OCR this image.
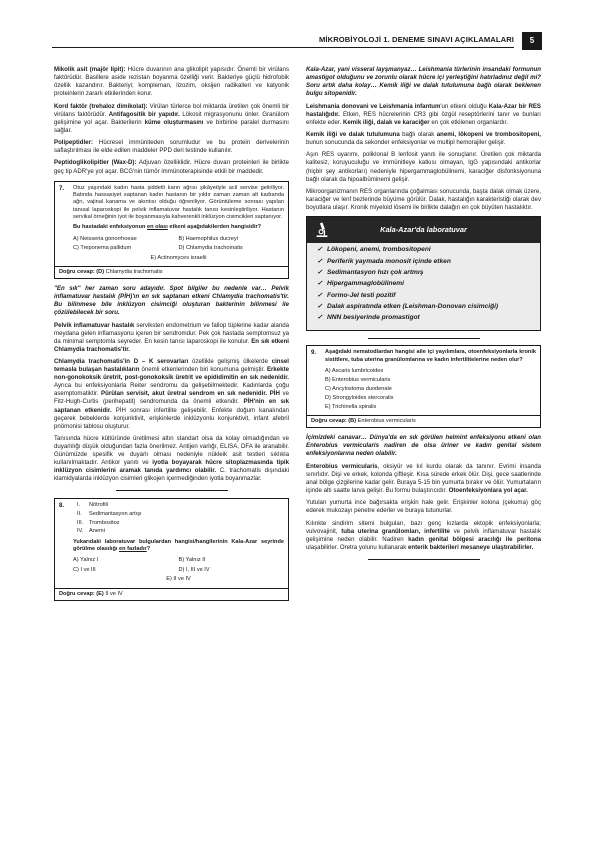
MİKROBİYOLOJİ 1. DENEME SINAVI AÇIKLAMALARI	5

Mikolik asit (majör lipit): Hücre duvarının ana glikolipit yapısıdır. Önemli bir virülans faktörüdür. Basillere aside rezistan boyanma özelliği verir. Bakteriye güçlü hidrofobik özellik kazandırır. Bakteriyi; kompleman, lizozim, oksijen radikalleri ve katyonik proteinlerin zararlı etkilerinden korur.

Kord faktör (trehaloz dimikolat): Virülan türlerce bol miktarda üretilen çok önemli bir virülans faktörüdür. Antifagositik bir yapıdır. Lökosit migrasyonunu önler. Granülom gelişimine yol açar. Bakterilerin küme oluşturmasını ve birbirine paralel durmasını sağlar.

Polipeptidler: Hücresel immüniteden sorumludur ve bu protein derivelerinin saflaştırılması ile elde edilen maddeler PPD deri testinde kullanılır.

Peptidoglikolipitler (Wax-D): Adjuvan özelliklidir. Hücre duvarı proteinleri ile birlikte geç tip ADR'ye yol açar. BCG'nin tümör immünoterapisinde etkili bir maddedir.

7.	Otuz yaşındaki kadın hasta şiddetli karın ağrısı şikâyetiyle acil servise geliriliyor. Batında hassasiyet saptanan kadın hastanın bir yıldır zaman zaman alt kadranda ağrı, vajinal kanama ve akıntısı olduğu öğreniliyor. Görüntüleme sonrası yapılan tanısal laparoskopi ile pelvik inflamatuvar hastalık tanısı kesinleştiriliyor. Hastanın servikal örneğinin iyot ile boyanmasıyla kahverenkli inklüzyon cisimcikleri saptanıyor.
Bu hastadaki enfeksiyonun en olası etkeni aşağıdakilerden hangisidir?
A) Neisseria gonorrhoeae	B) Haemophilus ducreyi
C) Treponema pallidum	D) Chlamydia trachomatis
E) Actinomyces israelii
Doğru cevap: (D) Chlamydia trachomatis

"En sık" her zaman soru adayıdır. Spot bilgiler bu nedenle var… Pelvik inflamatuvar hastalık (PİH)'ın en sık saptanan etkeni Chlamydia trachomatis'tir. Bu bilinmese bile inklüzyon cisimciği oluşturan bakterinin bilinmesi ile çözülebilecek bir soru.

Pelvik inflamatuvar hastalık serviksten endometrium ve fallop tüplerine kadar alanda meydana gelen inflamasyonu içeren bir sendromdur. Pek çok hastada semptomsuz ya da minimal semptomla seyreder. En kesin tanısı laparoskopi ile konulur. En sık etkeni Chlamydia trachomatis'tir.

Chlamydia trachomatis'in D – K serovarları özellikle gelişmiş ülkelerde cinsel temasla bulaşan hastalıkların önemli etkenlerinden biri konumuna gelmiştir. Erkekte non-gonokoksik üretrit, post-gonokoksik üretrit ve epididimitin en sık nedenidir. Ayrıca bu enfeksiyonlarla Reiter sendromu da gelişebilmektedir. Kadınlarda çoğu asemptomatiktir. Pürülan servisit, akut üretral sendrom en sık nedenidir. PİH ve Fitz-Hugh-Curtis (perihepatit) sendromunda da önemli etkendir. PİH'nin en sık saptanan etkenidir. PİH sonrası infertilite gelişebilir. Enfekte doğum kanalından geçerek bebeklerde konjunktivit, erişkinlerde inklüzyonlu konjunktivit, infant afebril pnömonisi tablosu oluşturur.

Tanısında hücre kültüründe üretilmesi altın standart olsa da kolay olmadığından ve duyarlılığı düşük olduğundan fazla önerilmez. Antijen varlığı, ELISA, DFA ile aranabilir. Günümüzde spesifik ve duyarlı olması nedeniyle nükleik asit testleri sıklıkla kullanılmaktadır. Antikor yanıtı ve iyotla boyayarak hücre sitoplazmasında tipik inklüzyon cisimlerini aramak tanıda yardımcı olabilir. C. trachomatis dışındaki klamidyalarda inklüzyon cisimleri glikojen içermediğinden iyotla boyanmazlar.

8.	I.	Nötrofili
II.	Sedimantasyon artışı
III.	Trombositoz
IV.	Anemi
Yukarıdaki laboratuvar bulgulardan hangisi/hangilerinin Kala-Azar seyrinde görülme olasılığı en fazladır?
A) Yalnız I	B) Yalnız II
C) I ve III	D) I, III ve IV
E) II ve IV
Doğru cevap: (E) II ve IV

Kala-Azar, yani visseral layşmanyaz… Leishmania türlerinin insandaki formunun amastigot olduğunu ve zorunlu olarak hücre içi yerleştiğini hatırladınız değil mi? Soru artık daha kolay… Kemik iliği ve dalak tutulumuna bağlı olarak beklenen bulgu sitopenidir.

Leishmania donovani ve Leishmania infantum'un etkeni olduğu Kala-Azar bir RES hastalığıdır. Etken, RES hücrelerinin CR3 gibi özgül reseptörlerini tanır ve bunları enfekte eder. Kemik iliği, dalak ve karaciğer en çok etkilenen organlardır.

Kemik iliği ve dalak tutulumuna bağlı olarak anemi, lökopeni ve trombositopeni, bunun sonucunda da sekonder enfeksiyonlar ve multipl hemorajiler gelişir.

Aşırı RES uyarımı, poliklonal B lenfosit yanıtı ile sonuçlanır. Üretilen çok miktarda kalitesiz, koruyuculuğu ve immünitleye katkısı olmayan, IgG yapısındaki antikorlar (hiçbir şey antikorları) nedeniyle hipergammaglobülinemi, karaciğer disfonksiyonuna bağlı olarak da hipoalbüminemi gelişir.

Mikroorganizmanın RES organlarında çoğalması sonucunda, başta dalak olmak üzere, karaciğer ve lenf bezlerinde büyüme görülür. Dalak, hastalığın karakteristiği olarak dev boyutlara ulaşır. Kronik miyeloid lösemi ile birlikte dalağın en çok büyüten hastalıktır.

Kala-Azar'da laboratuvar
✓ Lökopeni, anemi, trombositopeni
✓ Periferik yaymada monosit içinde etken
✓ Sedimantasyon hızı çok artmış
✓ Hipergammaglobülinemi
✓ Formo-Jel testi pozitif
✓ Dalak aspiratında etken (Leishman-Donovan cisimciği)
✓ NNN besiyerinde promastigot
9.	Aşağıdaki nematodlardan hangisi aile içi yayılımlara, otoenfeksiyonlarla kronik sistitlere, tuba uterina granülomlarına ve kadın infertilitelerine neden olur?
A) Ascaris lumbricoides
B) Enterobius vermicularis
C) Ancylostoma duodenale
D) Strongyloides stercoralis
E) Trichinella spiralis
Doğru cevap: (B) Enterobius vermicularis

İçimizdeki canavar… Dünya'da en sık görülen helmint enfeksiyonu etkeni olan Enterobius vermicularis nadiren de olsa üriner ve kadın genital sistem enfeksiyonlarına neden olabilir.

Enterobius vermicularis, oksiyür ve kıl kurdu olarak da tanınır. Evrimi insanda sınırlıdır. Dişi ve erkek, kolonda çiftleşir. Kısa sürede erkek ölür. Dişi, gece saatlerinde anal bölge çizgilerine kadar gelir. Buraya 5-15 bin yumurta bırakır ve ölür. Yumurtaların içinde altı saatte larva gelişir. Bu formu bulaştırıcıdır. Otoenfeksiyonlara yol açar.

Yutulan yumurta ince bağırsakta erişkin hale gelir. Erişkinler kolona (çekuma) göç ederek mukozayı penetre ederler ve buraya tutunurlar.

Kılınkte sindirim sitemi bulguları, bazı genç kızlarda ektopik enfeksiyonlarla; vulvovajinit, tuba uterina granülomları, infertilite ve pelvik inflamatuvar hastalık gelişimine neden olabilir. Nadiren kadın genital bölgesi aracılığı ile peritona ulaşabilirler. Oretra yolunu kullanarak enterik bakterileri mesaneye ulaştırabilirler.
